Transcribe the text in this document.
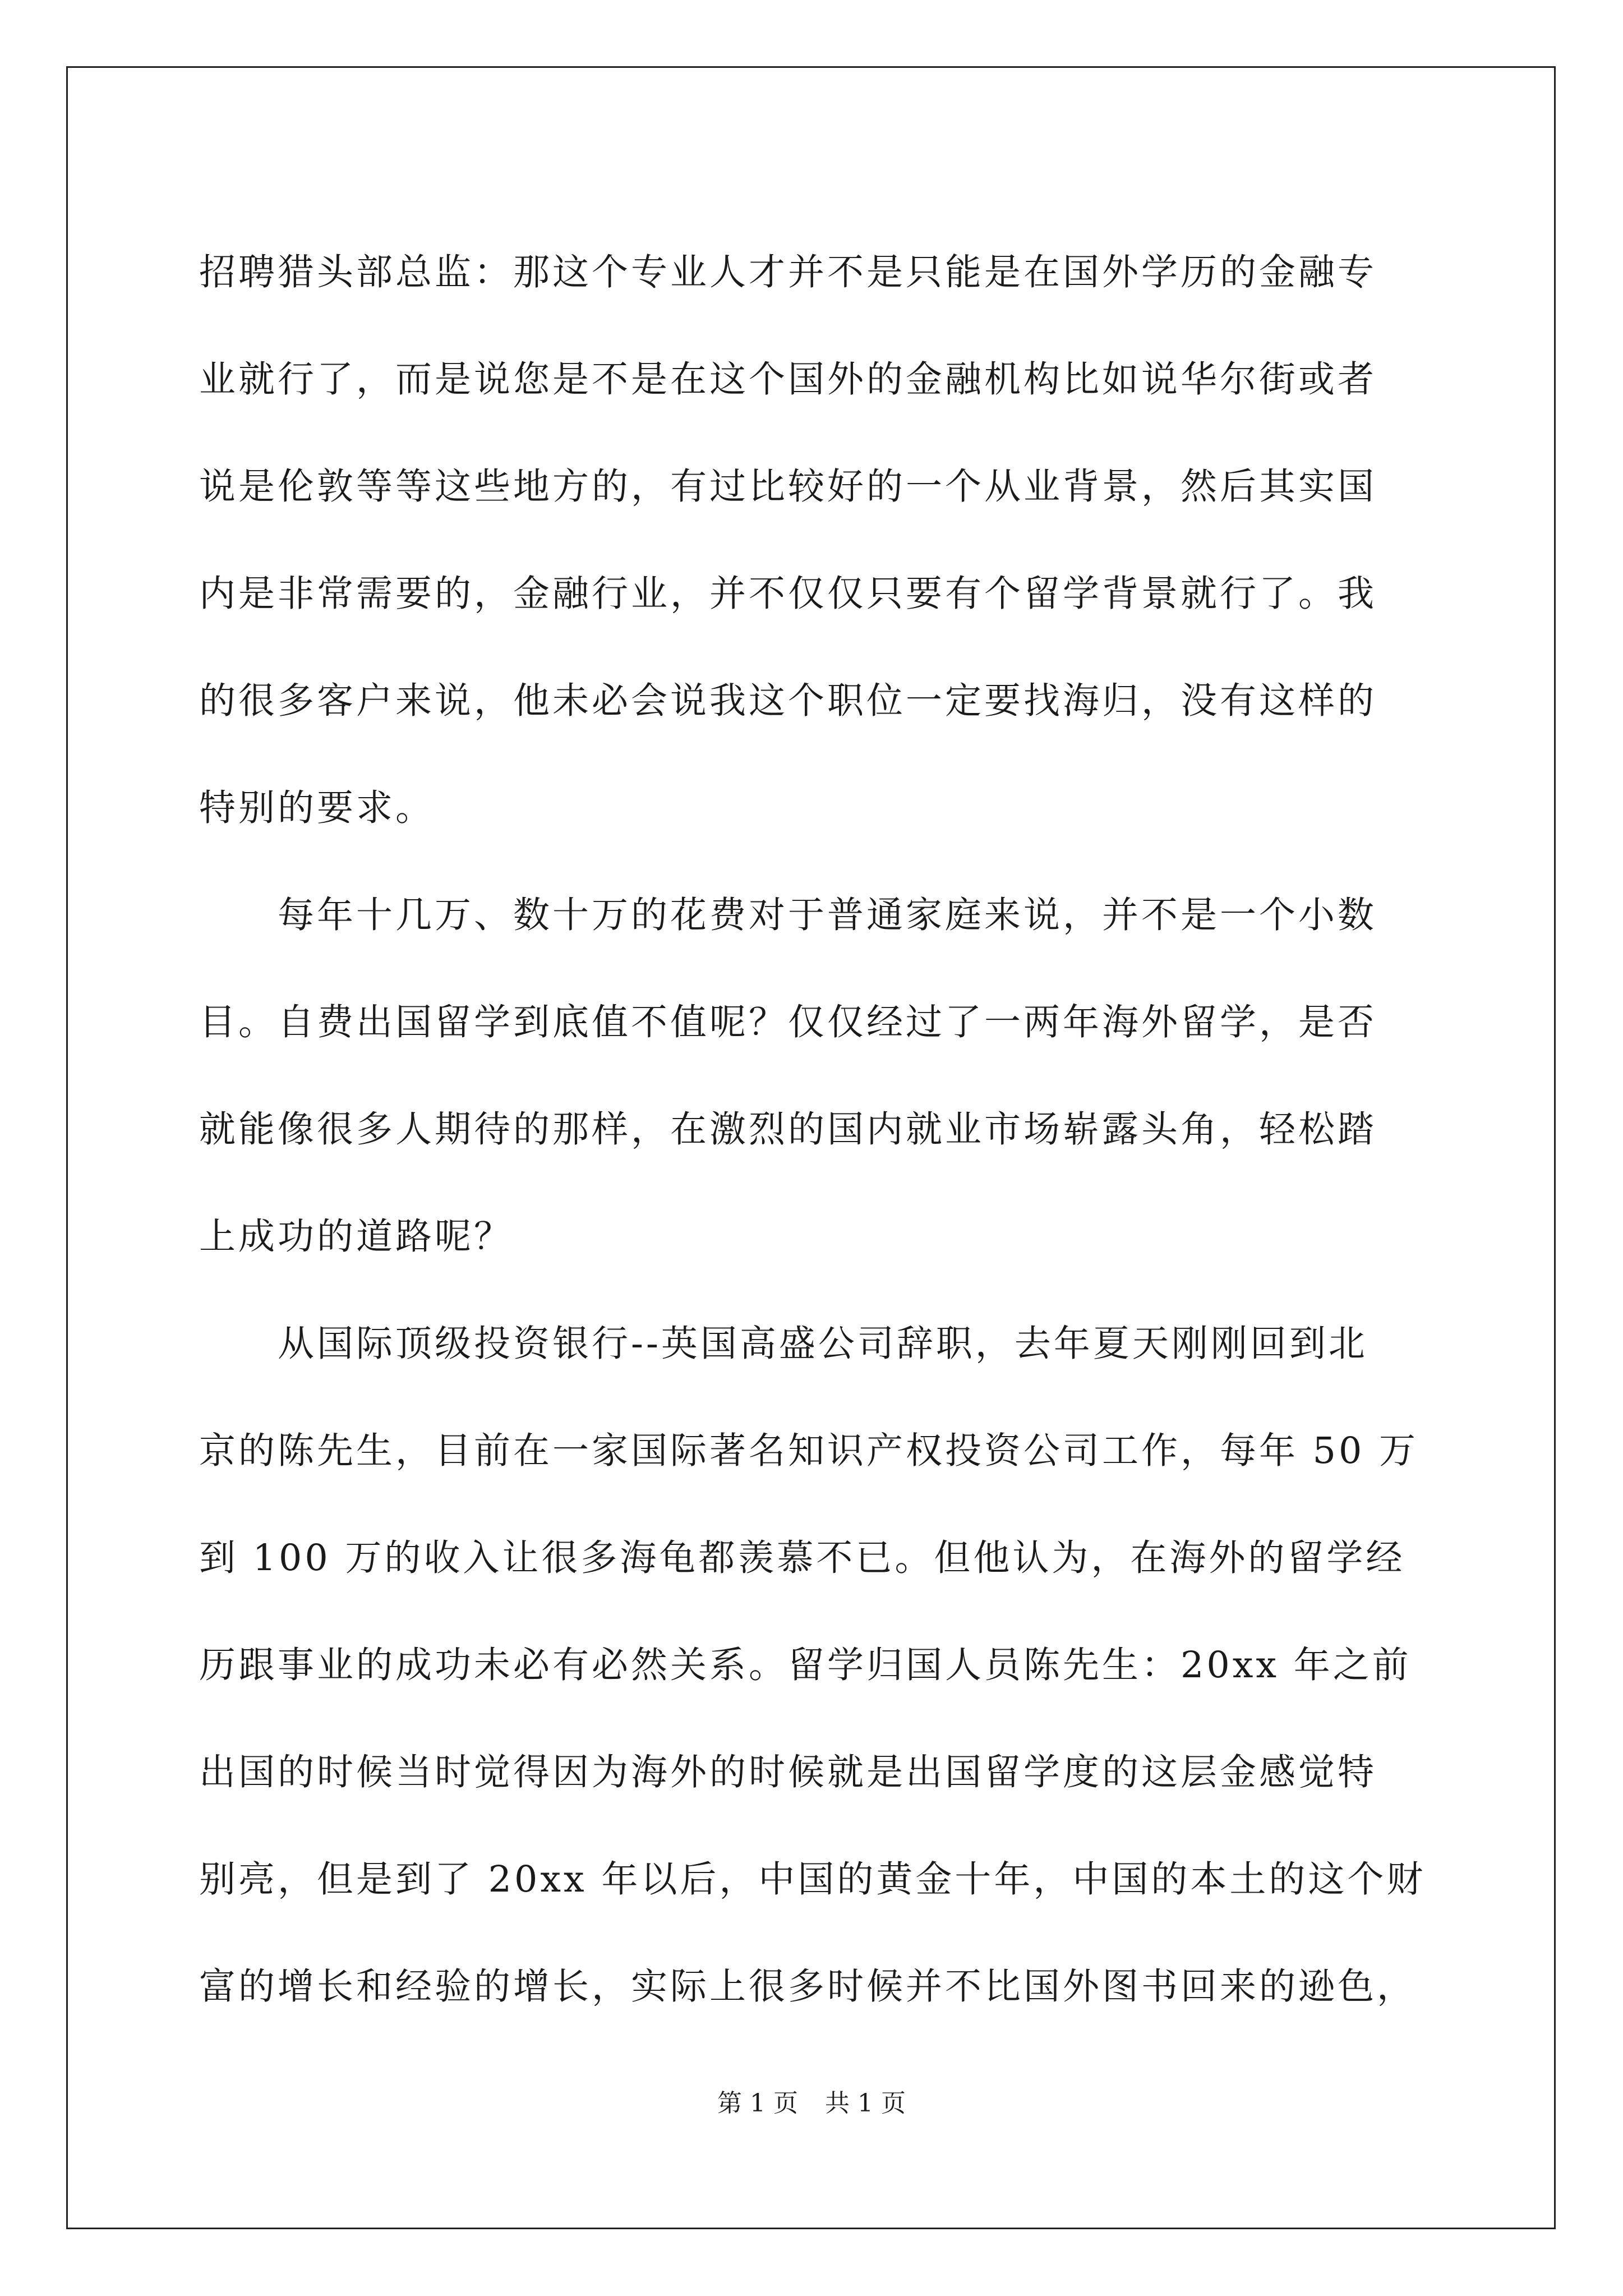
招聘猎头部总监：那这个专业人才并不是只能是在国外学历的金融专
业就行了，而是说您是不是在这个国外的金融机构比如说华尔街或者
说是伦敦等等这些地方的，有过比较好的一个从业背景，然后其实国
内是非常需要的，金融行业，并不仅仅只要有个留学背景就行了。我
的很多客户来说，他未必会说我这个职位一定要找海归，没有这样的
特别的要求。

每年十几万、数十万的花费对于普通家庭来说，并不是一个小数
目。自费出国留学到底值不值呢？仅仅经过了一两年海外留学，是否
就能像很多人期待的那样，在激烈的国内就业市场崭露头角，轻松踏
上成功的道路呢？

从国际顶级投资银行--英国高盛公司辞职，去年夏天刚刚回到北
京的陈先生，目前在一家国际著名知识产权投资公司工作，每年 50 万
到 100 万的收入让很多海龟都羡慕不已。但他认为，在海外的留学经
历跟事业的成功未必有必然关系。留学归国人员陈先生：20xx 年之前
出国的时候当时觉得因为海外的时候就是出国留学度的这层金感觉特
别亮，但是到了 20xx 年以后，中国的黄金十年，中国的本土的这个财
富的增长和经验的增长，实际上很多时候并不比国外图书回来的逊色，

第 1 页 共 1 页
